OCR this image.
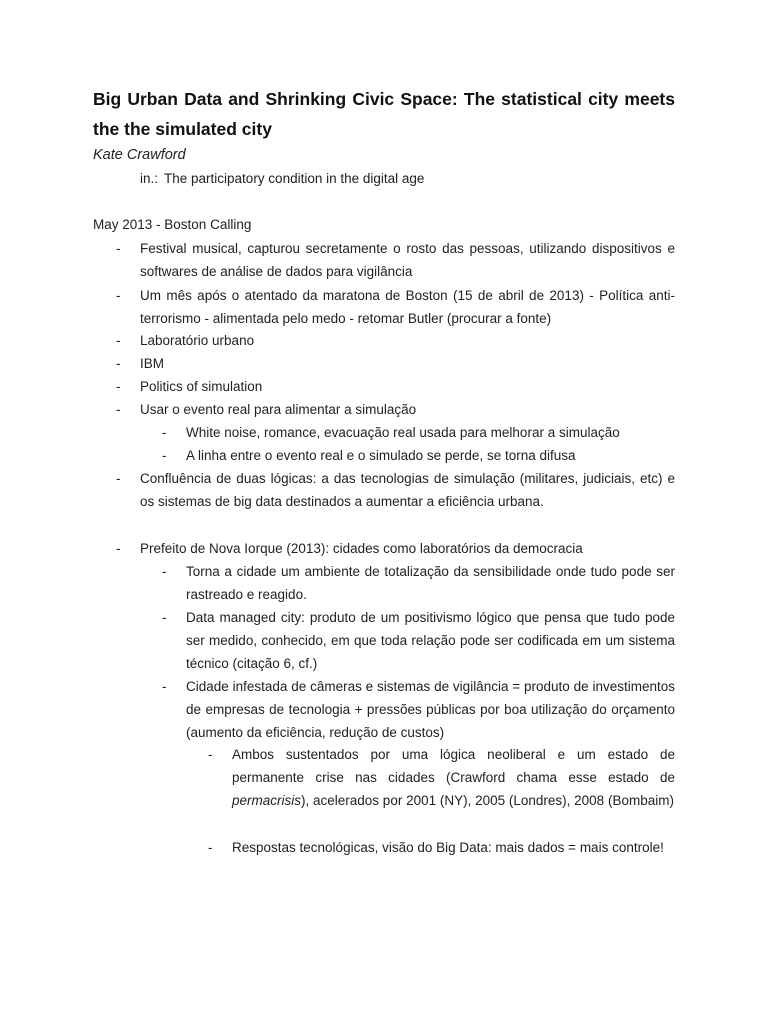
Big Urban Data and Shrinking Civic Space: The statistical city meets the the simulated city
Kate Crawford
in.: The participatory condition in the digital age
May 2013 - Boston Calling
- Festival musical, capturou secretamente o rosto das pessoas, utilizando dispositivos e softwares de análise de dados para vigilância
- Um mês após o atentado da maratona de Boston (15 de abril de 2013) - Política anti-terrorismo - alimentada pelo medo - retomar Butler (procurar a fonte)
- Laboratório urbano
- IBM
- Politics of simulation
- Usar o evento real para alimentar a simulação
- White noise, romance, evacuação real usada para melhorar a simulação
- A linha entre o evento real e o simulado se perde, se torna difusa
- Confluência de duas lógicas: a das tecnologias de simulação (militares, judiciais, etc) e os sistemas de big data destinados a aumentar a eficiência urbana.
- Prefeito de Nova Iorque (2013): cidades como laboratórios da democracia
- Torna a cidade um ambiente de totalização da sensibilidade onde tudo pode ser rastreado e reagido.
- Data managed city: produto de um positivismo lógico que pensa que tudo pode ser medido, conhecido, em que toda relação pode ser codificada em um sistema técnico (citação 6, cf.)
- Cidade infestada de câmeras e sistemas de vigilância = produto de investimentos de empresas de tecnologia + pressões públicas por boa utilização do orçamento (aumento da eficiência, redução de custos)
- Ambos sustentados por uma lógica neoliberal e um estado de permanente crise nas cidades (Crawford chama esse estado de permacrisis), acelerados por 2001 (NY), 2005 (Londres), 2008 (Bombaim)
- Respostas tecnológicas, visão do Big Data: mais dados = mais controle!
